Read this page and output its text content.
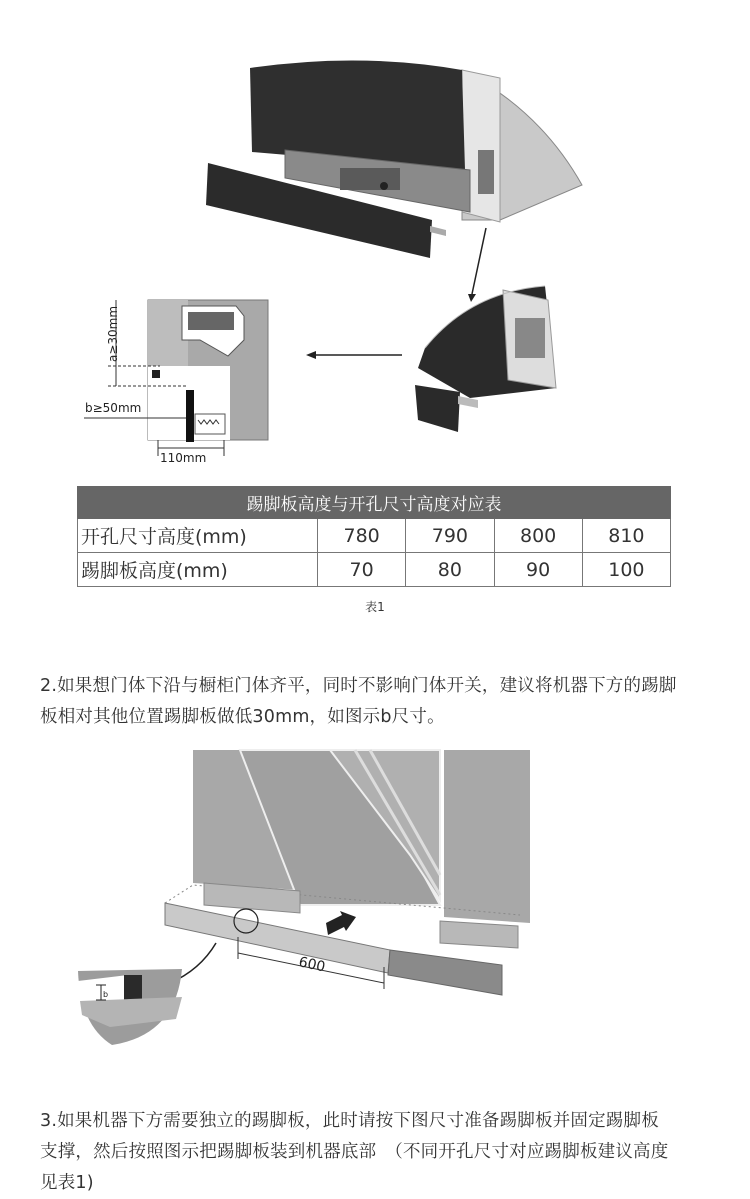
a≥30mm
b≥50mm
110mm
踢脚板高度与开孔尺寸高度对应表				
开孔尺寸高度(mm)	780	790	800	810
踢脚板高度(mm)	70	80	90	100
表1
2.如果想门体下沿与橱柜门体齐平，同时不影响门体开关，建议将机器下方的踢脚
板相对其他位置踢脚板做低30mm，如图示b尺寸。
600
b
3.如果机器下方需要独立的踢脚板，此时请按下图尺寸准备踢脚板并固定踢脚板
支撑，然后按照图示把踢脚板装到机器底部　（不同开孔尺寸对应踢脚板建议高度
见表1)
